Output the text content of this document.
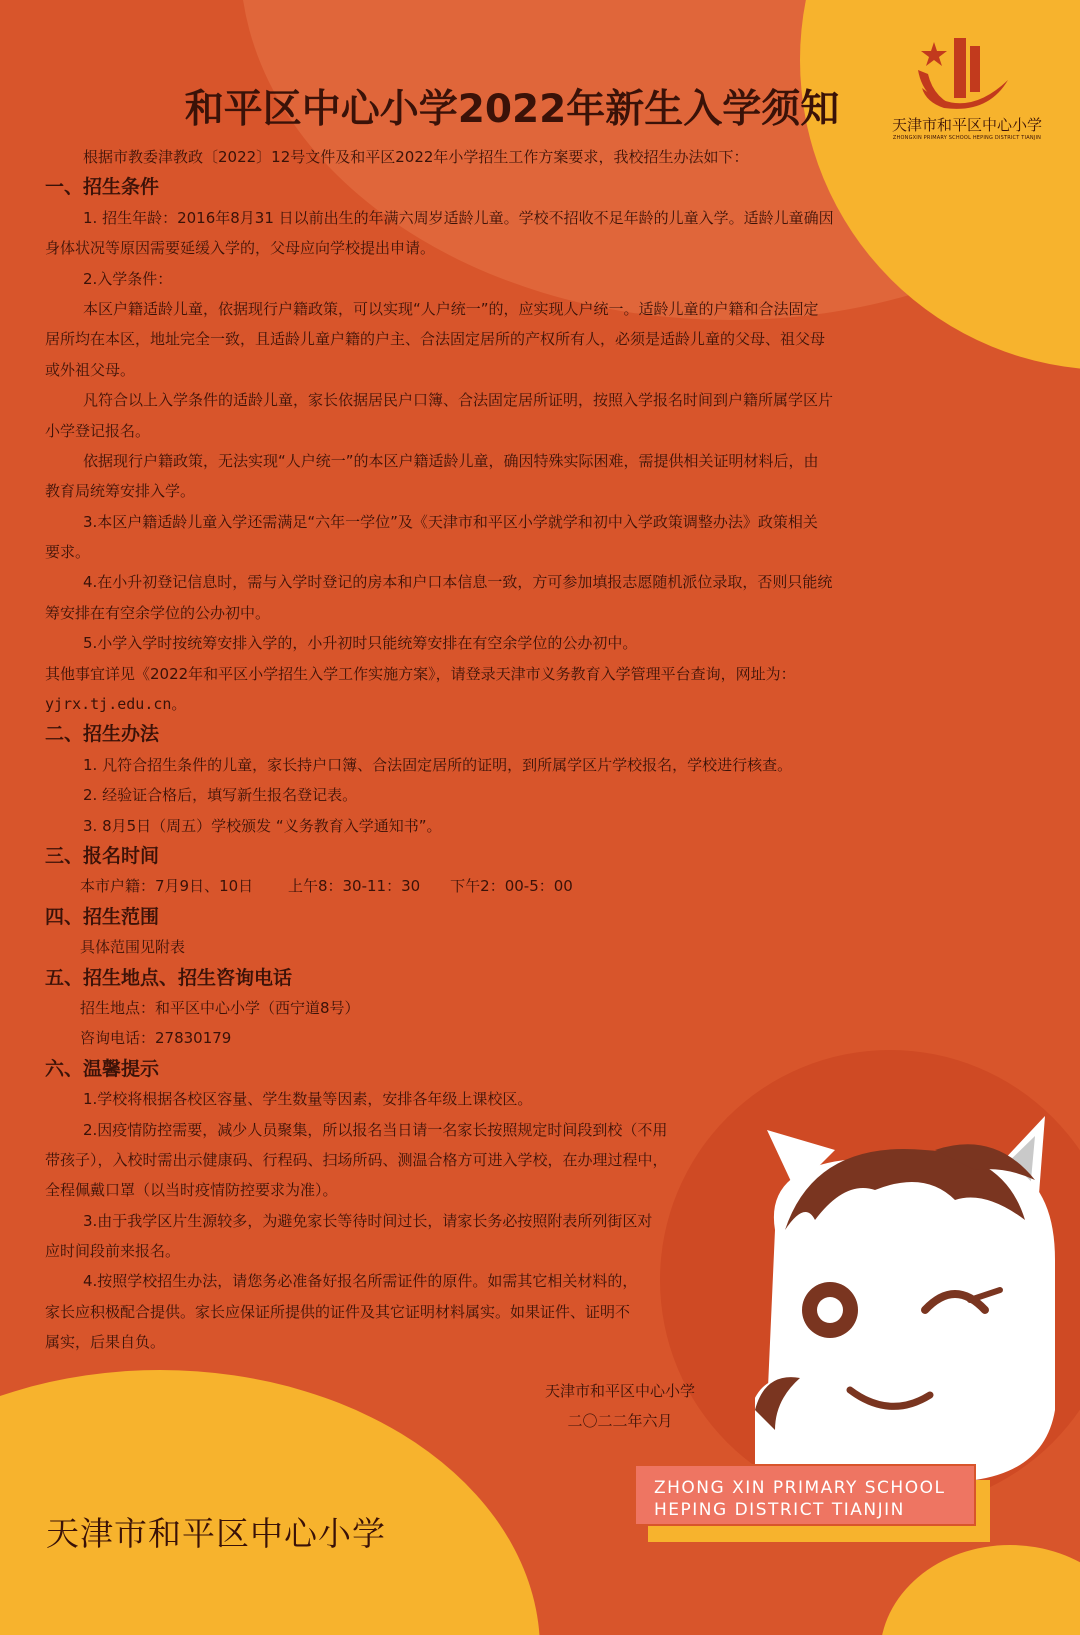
天津市和平区中心小学
ZHONGXIN PRIMARY SCHOOL HEPING DISTRICT TIANJIN
和平区中心小学2022年新生入学须知
根据市教委津教政〔2022〕12号文件及和平区2022年小学招生工作方案要求，我校招生办法如下：
一、招生条件
1. 招生年龄：2016年8月31 日以前出生的年满六周岁适龄儿童。学校不招收不足年龄的儿童入学。适龄儿童确因
身体状况等原因需要延缓入学的，父母应向学校提出申请。
2.入学条件：
本区户籍适龄儿童，依据现行户籍政策，可以实现“人户统一”的，应实现人户统一。适龄儿童的户籍和合法固定
居所均在本区，地址完全一致，且适龄儿童户籍的户主、合法固定居所的产权所有人，必须是适龄儿童的父母、祖父母
或外祖父母。
凡符合以上入学条件的适龄儿童，家长依据居民户口簿、合法固定居所证明，按照入学报名时间到户籍所属学区片
小学登记报名。
依据现行户籍政策，无法实现“人户统一”的本区户籍适龄儿童，确因特殊实际困难，需提供相关证明材料后，由
教育局统筹安排入学。
3.本区户籍适龄儿童入学还需满足“六年一学位”及《天津市和平区小学就学和初中入学政策调整办法》政策相关
要求。
4.在小升初登记信息时，需与入学时登记的房本和户口本信息一致，方可参加填报志愿随机派位录取，否则只能统
筹安排在有空余学位的公办初中。
5.小学入学时按统筹安排入学的，小升初时只能统筹安排在有空余学位的公办初中。
其他事宜详见《2022年和平区小学招生入学工作实施方案》，请登录天津市义务教育入学管理平台查询，网址为：
yjrx.tj.edu.cn。
二、招生办法
1. 凡符合招生条件的儿童，家长持户口簿、合法固定居所的证明，到所属学区片学校报名，学校进行核查。
2. 经验证合格后，填写新生报名登记表。
3. 8月5日（周五）学校颁发 “义务教育入学通知书”。
三、报名时间
本市户籍：7月9日、10日　　 上午8：30-11：30　　下午2：00-5：00
四、招生范围
具体范围见附表
五、招生地点、招生咨询电话
招生地点：和平区中心小学（西宁道8号）
咨询电话：27830179
六、温馨提示
1.学校将根据各校区容量、学生数量等因素，安排各年级上课校区。
2.因疫情防控需要，减少人员聚集，所以报名当日请一名家长按照规定时间段到校（不用
带孩子），入校时需出示健康码、行程码、扫场所码、测温合格方可进入学校，在办理过程中，
全程佩戴口罩（以当时疫情防控要求为准）。
3.由于我学区片生源较多，为避免家长等待时间过长，请家长务必按照附表所列街区对
应时间段前来报名。
4.按照学校招生办法，请您务必准备好报名所需证件的原件。如需其它相关材料的，
家长应积极配合提供。家长应保证所提供的证件及其它证明材料属实。如果证件、证明不
属实，后果自负。
天津市和平区中心小学
二〇二二年六月
天津市和平区中心小学
ZHONG XIN PRIMARY SCHOOL
HEPING DISTRICT TIANJIN
